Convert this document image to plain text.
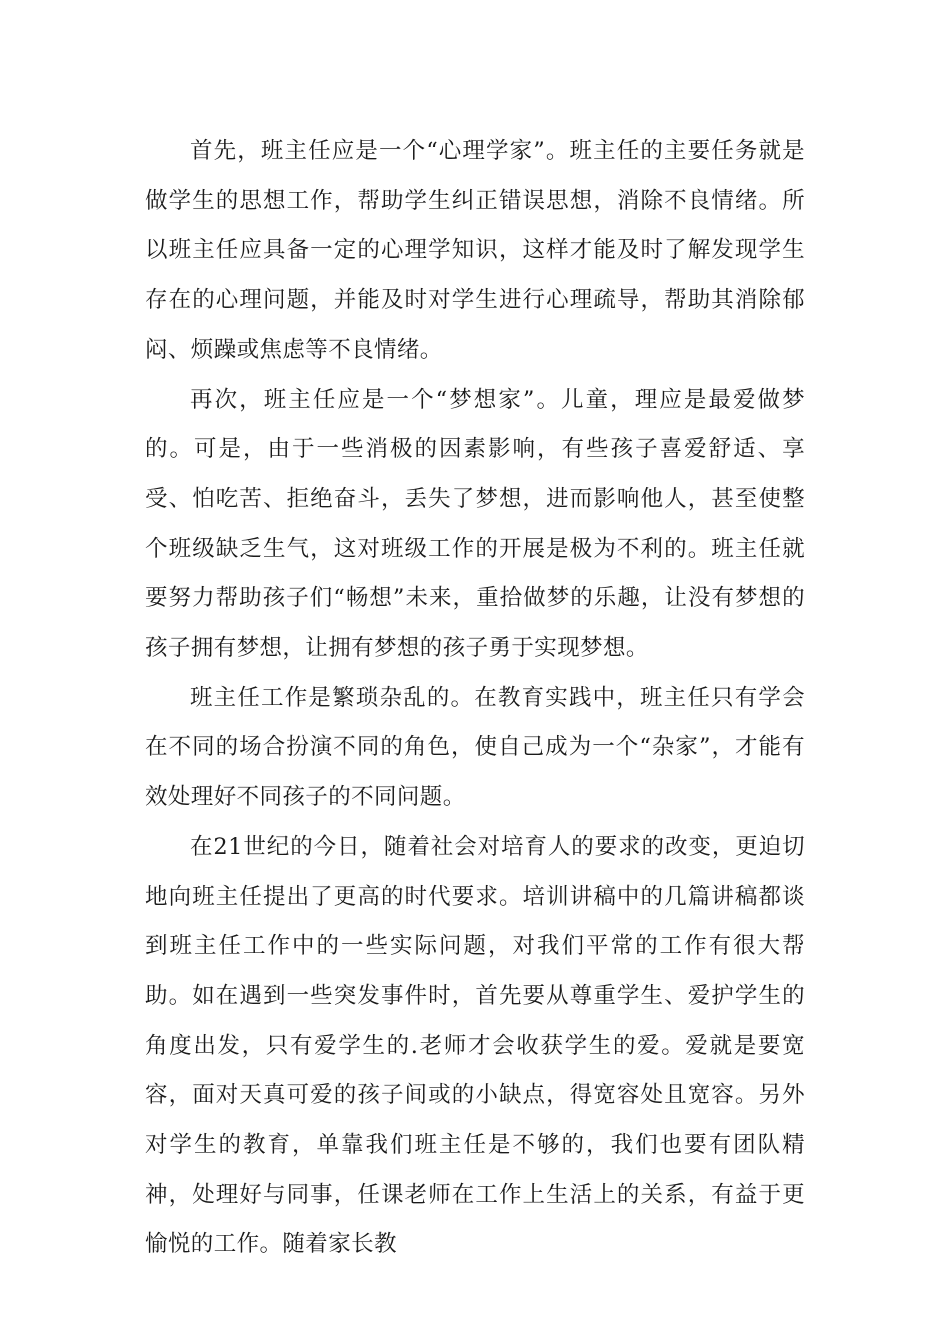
首先，班主任应是一个“心理学家”。班主任的主要任务就是做学生的思想工作，帮助学生纠正错误思想，消除不良情绪。所以班主任应具备一定的心理学知识，这样才能及时了解发现学生存在的心理问题，并能及时对学生进行心理疏导，帮助其消除郁闷、烦躁或焦虑等不良情绪。

再次，班主任应是一个“梦想家”。儿童，理应是最爱做梦的。可是，由于一些消极的因素影响，有些孩子喜爱舒适、享受、怕吃苦、拒绝奋斗，丢失了梦想，进而影响他人，甚至使整个班级缺乏生气，这对班级工作的开展是极为不利的。班主任就要努力帮助孩子们“畅想”未来，重拾做梦的乐趣，让没有梦想的孩子拥有梦想，让拥有梦想的孩子勇于实现梦想。

班主任工作是繁琐杂乱的。在教育实践中，班主任只有学会在不同的场合扮演不同的角色，使自己成为一个“杂家”，才能有效处理好不同孩子的不同问题。

在21世纪的今日，随着社会对培育人的要求的改变，更迫切地向班主任提出了更高的时代要求。培训讲稿中的几篇讲稿都谈到班主任工作中的一些实际问题，对我们平常的工作有很大帮助。如在遇到一些突发事件时，首先要从尊重学生、爱护学生的角度出发，只有爱学生的.老师才会收获学生的爱。爱就是要宽容，面对天真可爱的孩子间或的小缺点，得宽容处且宽容。另外对学生的教育，单靠我们班主任是不够的，我们也要有团队精神，处理好与同事，任课老师在工作上生活上的关系，有益于更愉悦的工作。随着家长教
